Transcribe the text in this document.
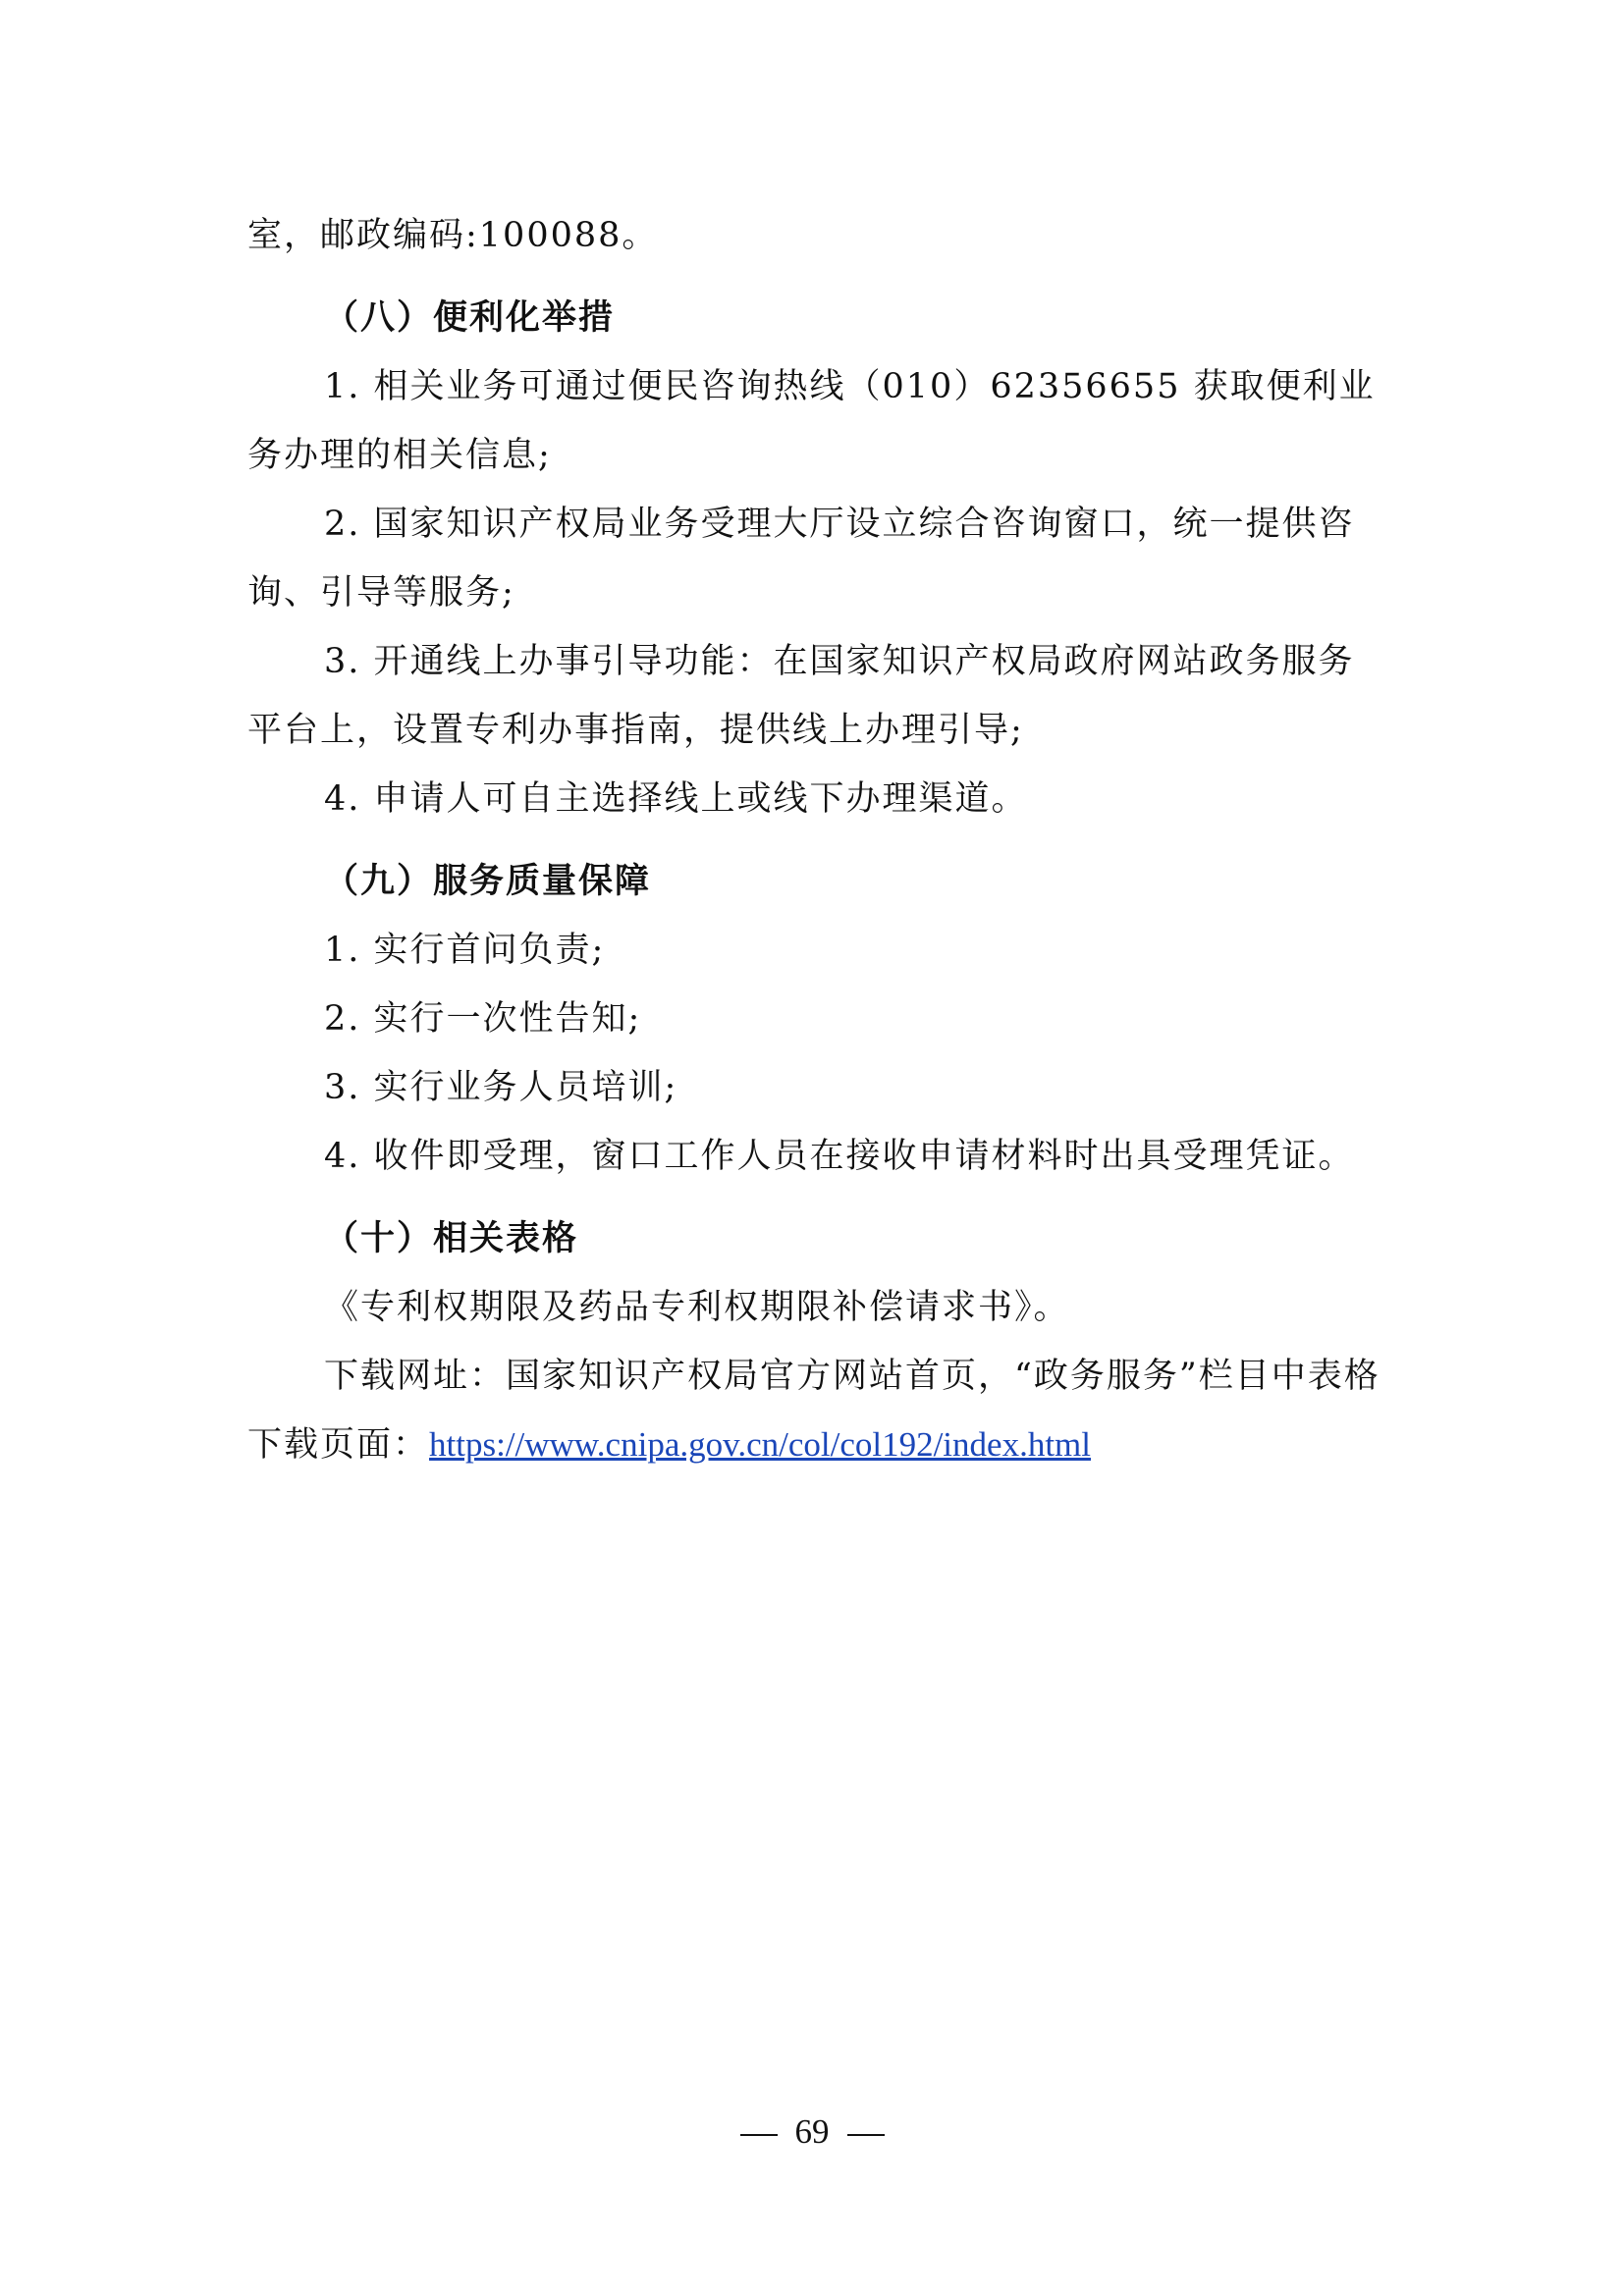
室，邮政编码:100088。

（八）便利化举措

1. 相关业务可通过便民咨询热线（010）62356655 获取便利业务办理的相关信息;

2. 国家知识产权局业务受理大厅设立综合咨询窗口，统一提供咨询、引导等服务;

3. 开通线上办事引导功能：在国家知识产权局政府网站政务服务平台上，设置专利办事指南，提供线上办理引导;

4. 申请人可自主选择线上或线下办理渠道。

（九）服务质量保障

1. 实行首问负责;

2. 实行一次性告知;

3. 实行业务人员培训;

4. 收件即受理，窗口工作人员在接收申请材料时出具受理凭证。

（十）相关表格

《专利权期限及药品专利权期限补偿请求书》。

下载网址：国家知识产权局官方网站首页，“政务服务”栏目中表格下载页面：https://www.cnipa.gov.cn/col/col192/index.html

69
